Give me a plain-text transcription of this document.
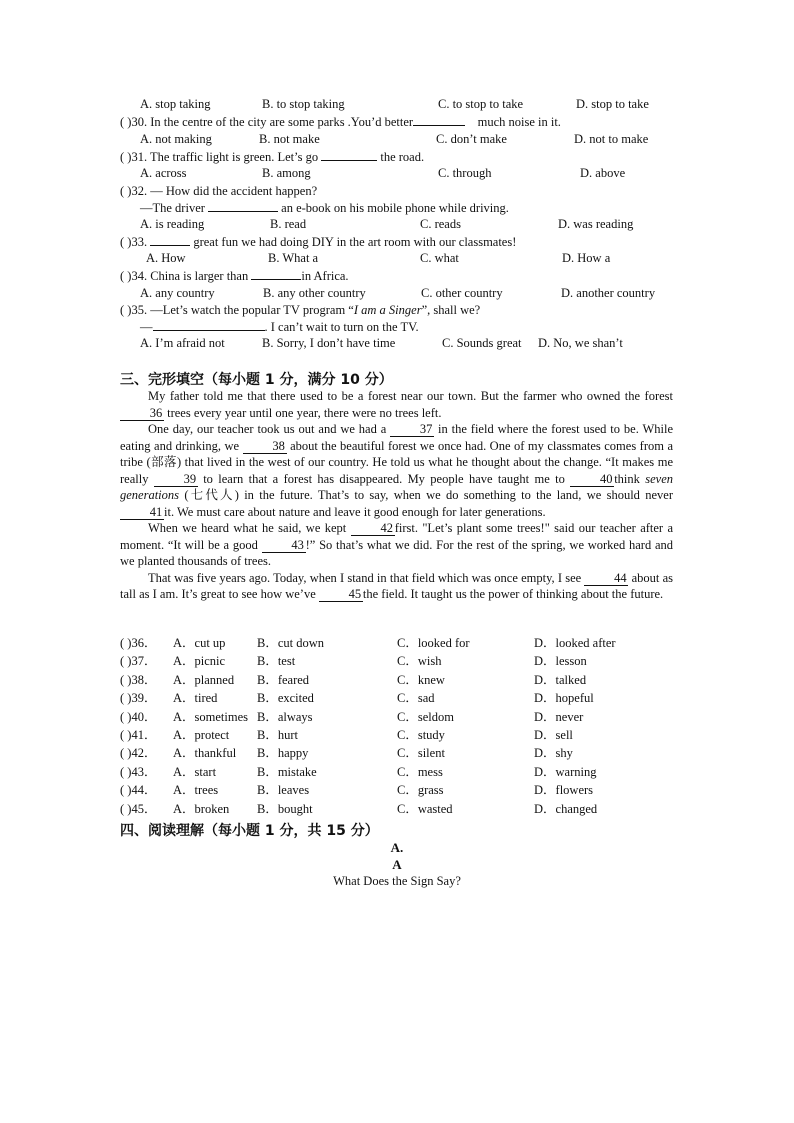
A. stop taking	B. to stop taking	C. to stop to take	D. stop to take
( )30. In the centre of the city are some parks .You’d better	much noise in it.
A. not making	B. not make	C. don’t make	D. not to make
( )31. The traffic light is green. Let’s go	the road.
A. across	B. among	C. through	D. above
( )32. — How did the accident happen?
—The driver	an e-book on his mobile phone while driving.
A. is reading	B. read	C. reads	D. was reading
( )33.	great fun we had doing DIY in the art room with our classmates!
A. How	B. What a	C. what	D. How a
( )34. China is larger than	in Africa.
A. any country	B. any other country	C. other country	D. another country
( )35. —Let’s watch the popular TV program “I am a Singer”, shall we?
—	. I can’t wait to turn on the TV.
A. I’m afraid not	B. Sorry, I don’t have time	C. Sounds great D. No, we shan’t
三、完形填空（每小题 1 分，满分 10 分）

My father told me that there used to be a forest near our town. But the farmer who owned the forest 36 trees every year until one year, there were no trees left.

One day, our teacher took us out and we had a	37 in the field where the forest used to be. While eating and drinking, we	38 about the beautiful forest we once had. One of my classmates comes from a tribe (部落) that lived in the west of our country. He told us what he thought about the change. “It makes me really	39 to learn that a forest has disappeared. My people have taught me to	40 think seven generations (七代人) in the future. That’s to say, when we do something to the land, we should never 41 it. We must care about nature and leave it good enough for later generations.

When we heard what he said, we kept	42 first. "Let’s plant some trees!" said our teacher after a moment. “It will be a good	43 !” So that’s what we did. For the rest of the spring, we worked hard and we planted thousands of trees.

That was five years ago. Today, when I stand in that field which was once empty, I see	44 about as tall as I am. It’s great to see how we’ve	45 the field. It taught us the power of thinking about the future.

( )36． A．cut up	B．cut down	C．looked for	D．looked after
( )37． A．picnic	B．test	C．wish	D．lesson
( )38． A．planned B．feared	C．knew	D．talked
( )39． A．tired	B．excited	C．sad	D．hopeful
( )40． A．sometimes B．always	C．seldom	D．never
( )41． A．protect B．hurt	C．study	D．sell
( )42． A．thankful B．happy	C．silent	D．shy
( )43． A．start	B．mistake	C．mess	D．warning
( )44． A．trees	B．leaves	C．grass	D．flowers
( )45． A．broken B．bought	C．wasted	D．changed
四、阅读理解（每小题 1 分，共 15 分）
A.
A
What Does the Sign Say?
